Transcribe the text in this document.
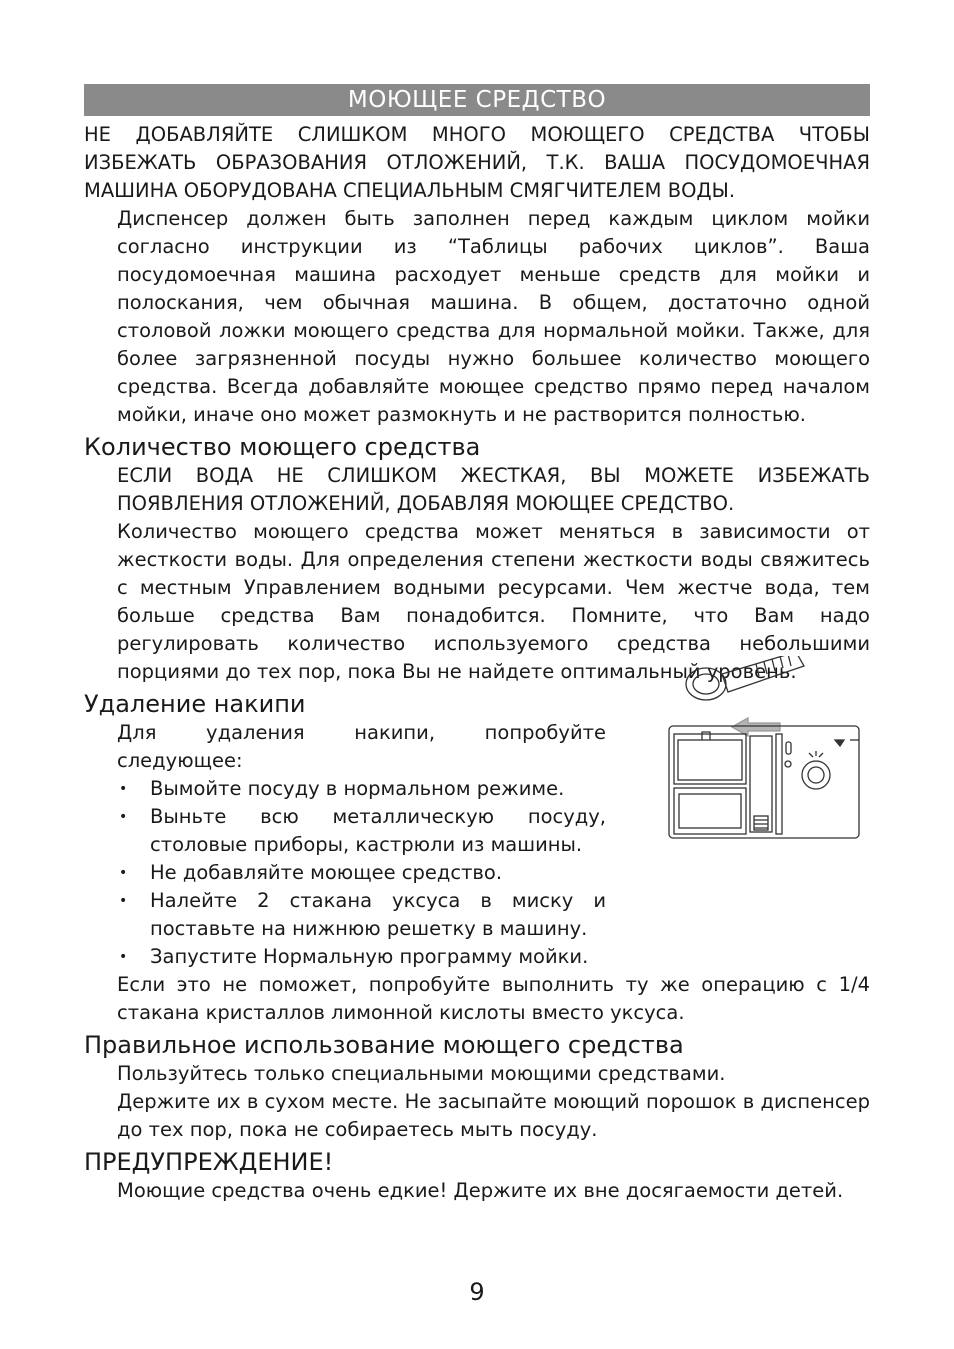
МОЮЩЕЕ СРЕДСТВО

НЕ ДОБАВЛЯЙТЕ СЛИШКОМ МНОГО МОЮЩЕГО СРЕДСТВА ЧТОБЫ ИЗБЕЖАТЬ ОБРАЗОВАНИЯ ОТЛОЖЕНИЙ, Т.К. ВАША ПОСУДОМОЕЧНАЯ МАШИНА ОБОРУДОВАНА СПЕЦИАЛЬНЫМ СМЯГЧИТЕЛЕМ ВОДЫ.

Диспенсер должен быть заполнен перед каждым циклом мойки согласно инструкции из “Таблицы рабочих циклов”. Ваша посудомоечная машина расходует меньше средств для мойки и полоскания, чем обычная машина. В общем, достаточно одной столовой ложки моющего средства для нормальной мойки. Также, для более загрязненной посуды нужно большее количество моющего средства. Всегда добавляйте моющее средство прямо перед началом мойки, иначе оно может размокнуть и не растворится полностью.

Количество моющего средства

ЕСЛИ ВОДА НЕ СЛИШКОМ ЖЕСТКАЯ, ВЫ МОЖЕТЕ ИЗБЕЖАТЬ ПОЯВЛЕНИЯ ОТЛОЖЕНИЙ, ДОБАВЛЯЯ МОЮЩЕЕ СРЕДСТВО.

Количество моющего средства может меняться в зависимости от жесткости воды. Для определения степени жесткости воды свяжитесь с местным Управлением водными ресурсами. Чем жестче вода, тем больше средства Вам понадобится. Помните, что Вам надо регулировать количество используемого средства небольшими порциями до тех пор, пока Вы не найдете оптимальный уровень.

Удаление накипи

Для удаления накипи, попробуйте следующее:

• Вымойте посуду в нормальном режиме.
• Выньте всю металлическую посуду, столовые приборы, кастрюли из машины.
• Не добавляйте моющее средство.
• Налейте 2 стакана уксуса в миску и поставьте на нижнюю решетку в машину.
• Запустите Нормальную программу мойки.

Если это не поможет, попробуйте выполнить ту же операцию с 1/4 стакана кристаллов лимонной кислоты вместо уксуса.

Правильное использование моющего средства

Пользуйтесь только специальными моющими средствами.

Держите их в сухом месте. Не засыпайте моющий порошок в диспенсер до тех пор, пока не собираетесь мыть посуду.

ПРЕДУПРЕЖДЕНИЕ!

Моющие средства очень едкие! Держите их вне досягаемости детей.

9
